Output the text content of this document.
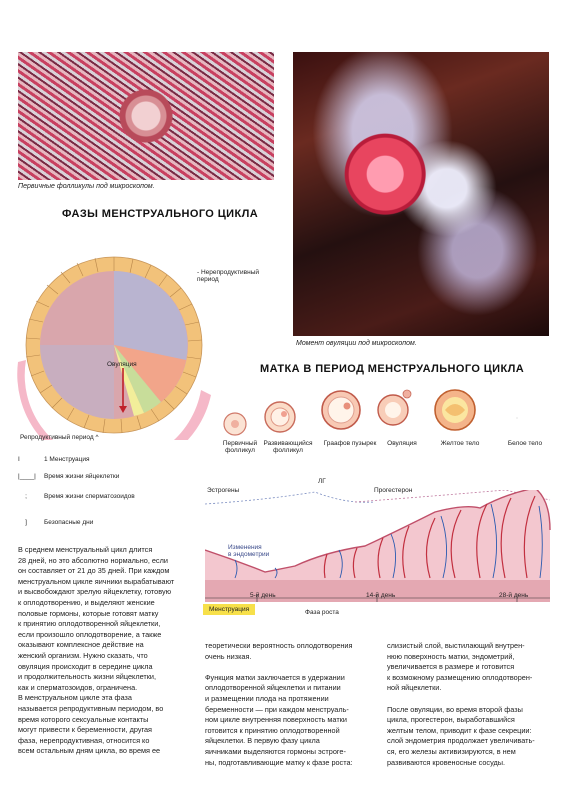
Первичные фолликулы под микроскопом.
Момент овуляции под микроскопом.
ФАЗЫ МЕНСТРУАЛЬНОГО ЦИКЛА
- Нерепродуктивный
период
Овуляция
Репродуктивный период ^
I	1 Менструация
|____|	Время жизни яйцеклетки
;	Время жизни сперматозоидов
]	Безопасные дни
МАТКА В ПЕРИОД МЕНСТРУАЛЬНОГО ЦИКЛА
Первичный
фолликул
Развивающийся
фолликул
Граафов пузырек	Овуляция	Желтое тело	Белое тело
Эстрогены
ЛГ
Прогестерон
Изменения
в эндометрии
5-й день	14-й день	28-й день
Менструация	Фаза роста
В среднем менструальный цикл длится
28 дней, но это абсолютно нормально, если
он составляет от 21 до 35 дней. При каждом
менструальном цикле яичники вырабатывают
и высвобождают зрелую яйцеклетку, готовую
к оплодотворению, и выделяют женские
половые гормоны, которые готовят матку
к принятию оплодотворенной яйцеклетки,
если произошло оплодотворение, а также
оказывают комплексное действие на
женский организм. Нужно сказать, что
овуляция происходит в середине цикла
и продолжительность жизни яйцеклетки,
как и сперматозоидов, ограничена.
В менструальном цикле эта фаза
называется репродуктивным периодом, во
время которого сексуальные контакты
могут привести к беременности, другая
фаза, нерепродуктивная, относится ко
всем остальным дням цикла, во время ее
теоретически вероятность оплодотворения
очень низкая.

Функция матки заключается в удержании
оплодотворенной яйцеклетки и питании
и размещении плода на протяжении
беременности — при каждом менструаль-
ном цикле внутренняя поверхность матки
готовится к принятию оплодотворенной
яйцеклетки. В первую фазу цикла
яичниками выделяются гормоны эстроге-
ны, подготавливающие матку к фазе роста:
слизистый слой, выстилающий внутрен-
нюю поверхность матки, эндометрий,
увеличивается в размере и готовится
к возможному размещению оплодотворен-
ной яйцеклетки.

После овуляции, во время второй фазы
цикла, прогестерон, выработавшийся
желтым телом, приводит к фазе секреции:
слой эндометрия продолжает увеличивать-
ся, его железы активизируются, в нем
развиваются кровеносные сосуды.
